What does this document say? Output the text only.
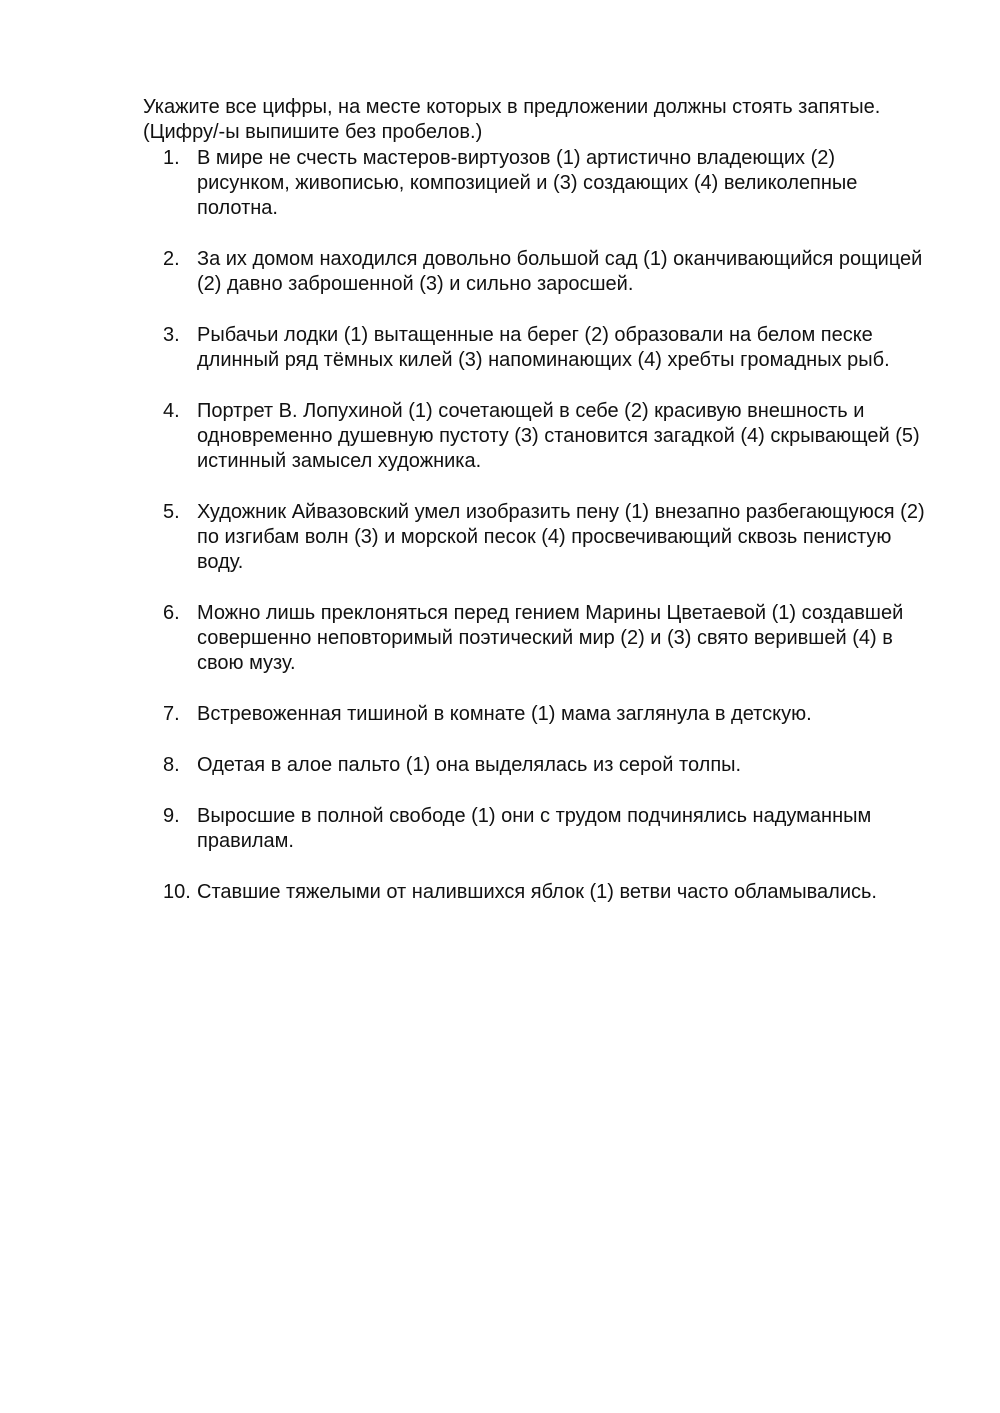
Укажите все цифры, на месте которых в предложении должны стоять запятые. (Цифру/-ы выпишите без пробелов.)

1. В мире не счесть мастеров-виртуозов (1) артистично владеющих (2) рисунком, живописью, композицией и (3) создающих (4) великолепные полотна.

2. За их домом находился довольно большой сад (1) оканчивающийся рощицей (2) давно заброшенной (3) и сильно заросшей.

3. Рыбачьи лодки (1) вытащенные на берег (2) образовали на белом песке длинный ряд тёмных килей (3) напоминающих (4) хребты громадных рыб.

4. Портрет В. Лопухиной (1) сочетающей в себе (2) красивую внешность и одновременно душевную пустоту (3) становится загадкой (4) скрывающей (5) истинный замысел художника.

5. Художник Айвазовский умел изобразить пену (1) внезапно разбегающуюся (2) по изгибам волн (3) и морской песок (4) просвечивающий сквозь пенистую воду.

6. Можно лишь преклоняться перед гением Марины Цветаевой (1) создавшей совершенно неповторимый поэтический мир (2) и (3) свято верившей (4) в свою музу.

7. Встревоженная тишиной в комнате (1) мама заглянула в детскую.

8. Одетая в алое пальто (1) она выделялась из серой толпы.

9. Выросшие в полной свободе (1) они с трудом подчинялись надуманным правилам.

10. Ставшие тяжелыми от налившихся яблок (1) ветви часто обламывались.
